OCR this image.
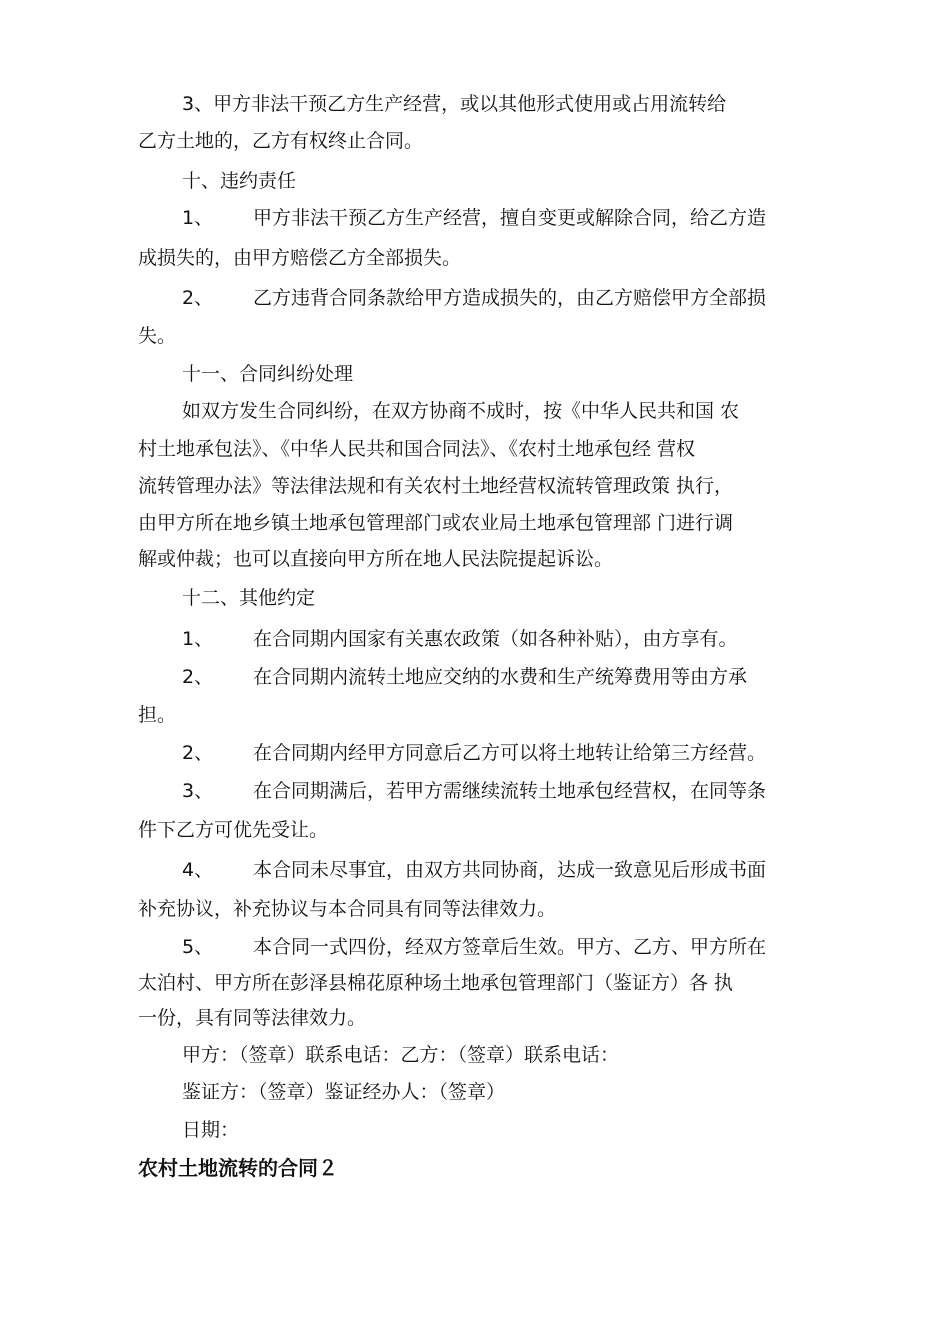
3、甲方非法干预乙方生产经营，或以其他形式使用或占用流转给
乙方土地的，乙方有权终止合同。
十、违约责任
1、 甲方非法干预乙方生产经营，擅自变更或解除合同，给乙方造
成损失的，由甲方赔偿乙方全部损失。
2、 乙方违背合同条款给甲方造成损失的，由乙方赔偿甲方全部损
失。
十一、合同纠纷处理
如双方发生合同纠纷，在双方协商不成时，按《中华人民共和国 农
村土地承包法》、《中华人民共和国合同法》、《农村土地承包经 营权
流转管理办法》等法律法规和有关农村土地经营权流转管理政策 执行，
由甲方所在地乡镇土地承包管理部门或农业局土地承包管理部 门进行调
解或仲裁；也可以直接向甲方所在地人民法院提起诉讼。
十二、其他约定
1、 在合同期内国家有关惠农政策（如各种补贴），由方享有。
2、 在合同期内流转土地应交纳的水费和生产统筹费用等由方承
担。
2、 在合同期内经甲方同意后乙方可以将土地转让给第三方经营。
3、 在合同期满后，若甲方需继续流转土地承包经营权，在同等条
件下乙方可优先受让。
4、 本合同未尽事宜，由双方共同协商，达成一致意见后形成书面
补充协议，补充协议与本合同具有同等法律效力。
5、 本合同一式四份，经双方签章后生效。甲方、乙方、甲方所在
太泊村、甲方所在彭泽县棉花原种场土地承包管理部门（鉴证方）各 执
一份，具有同等法律效力。
甲方：（签章）联系电话：乙方：（签章）联系电话：
鉴证方：（签章）鉴证经办人：（签章）
日期：
农村土地流转的合同２
